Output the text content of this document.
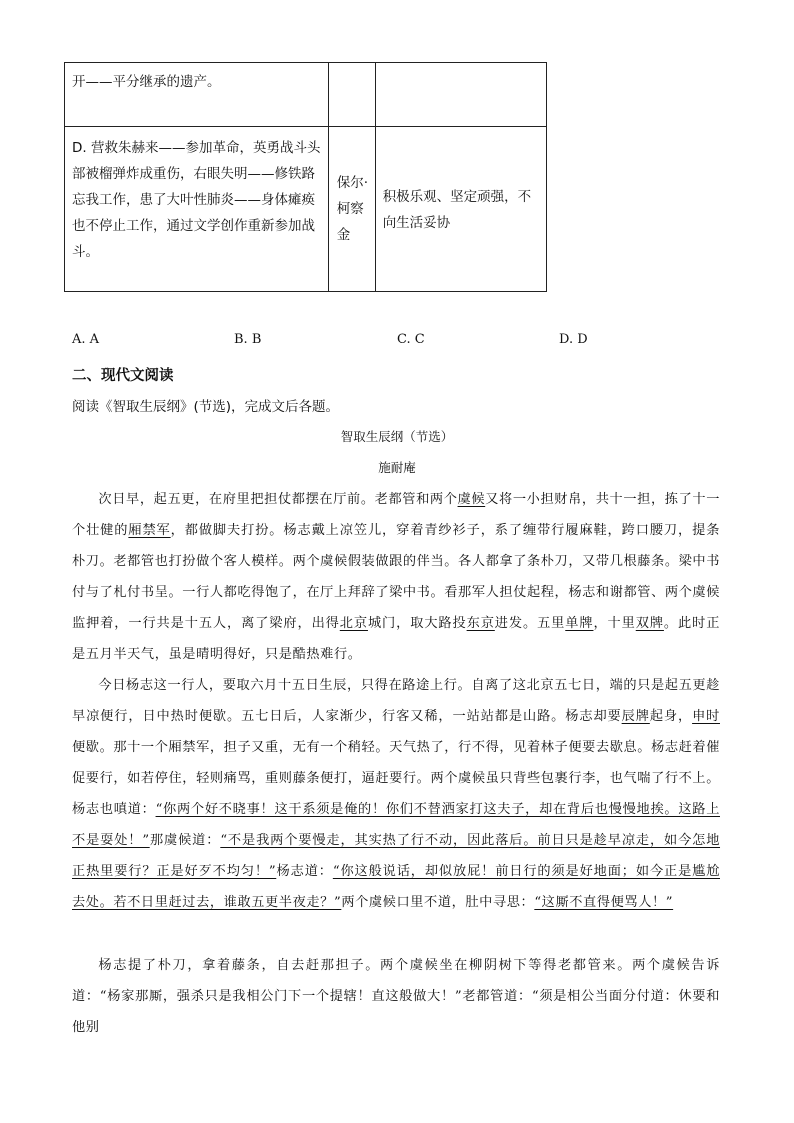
开——平分继承的遗产。		

D. 营救朱赫来——参加革命，英勇战斗头部被榴弹炸成重伤，右眼失明——修铁路忘我工作，患了大叶性肺炎——身体瘫痪也不停止工作，通过文学创作重新参加战斗。	保尔·柯察金	积极乐观、坚定顽强，不向生活妥协
A. A	B. B	C. C	D. D
二、现代文阅读
阅读《智取生辰纲》(节选)，完成文后各题。
智取生辰纲（节选）
施耐庵
次日早，起五更，在府里把担仗都摆在厅前。老都管和两个虞候又将一小担财帛，共十一担，拣了十一个壮健的厢禁军，都做脚夫打扮。杨志戴上凉笠儿，穿着青纱衫子，系了缠带行履麻鞋，跨口腰刀，提条朴刀。老都管也打扮做个客人模样。两个虞候假装做跟的伴当。各人都拿了条朴刀，又带几根藤条。梁中书付与了札付书呈。一行人都吃得饱了，在厅上拜辞了梁中书。看那军人担仗起程，杨志和谢都管、两个虞候监押着，一行共是十五人，离了梁府，出得北京城门，取大路投东京进发。五里单牌，十里双牌。此时正是五月半天气，虽是晴明得好，只是酷热难行。
今日杨志这一行人，要取六月十五日生辰，只得在路途上行。自离了这北京五七日，端的只是起五更趁早凉便行，日中热时便歇。五七日后，人家渐少，行客又稀，一站站都是山路。杨志却要辰牌起身，申时便歇。那十一个厢禁军，担子又重，无有一个稍轻。天气热了，行不得，见着林子便要去歇息。杨志赶着催促要行，如若停住，轻则痛骂，重则藤条便打，逼赶要行。两个虞候虽只背些包裹行李，也气喘了行不上。杨志也嗔道：“你两个好不晓事！这干系须是俺的！你们不替洒家打这夫子，却在背后也慢慢地挨。这路上不是耍处！”那虞候道：“不是我两个要慢走，其实热了行不动，因此落后。前日只是趁早凉走，如今怎地正热里要行？正是好歹不均匀！”杨志道：“你这般说话，却似放屁！前日行的须是好地面；如今正是尴尬去处。若不日里赶过去，谁敢五更半夜走？”两个虞候口里不道，肚中寻思：“这厮不直得便骂人！”
杨志提了朴刀，拿着藤条，自去赶那担子。两个虞候坐在柳阴树下等得老都管来。两个虞候告诉道：“杨家那厮，强杀只是我相公门下一个提辖！直这般做大！”老都管道：“须是相公当面分付道：休要和他别
